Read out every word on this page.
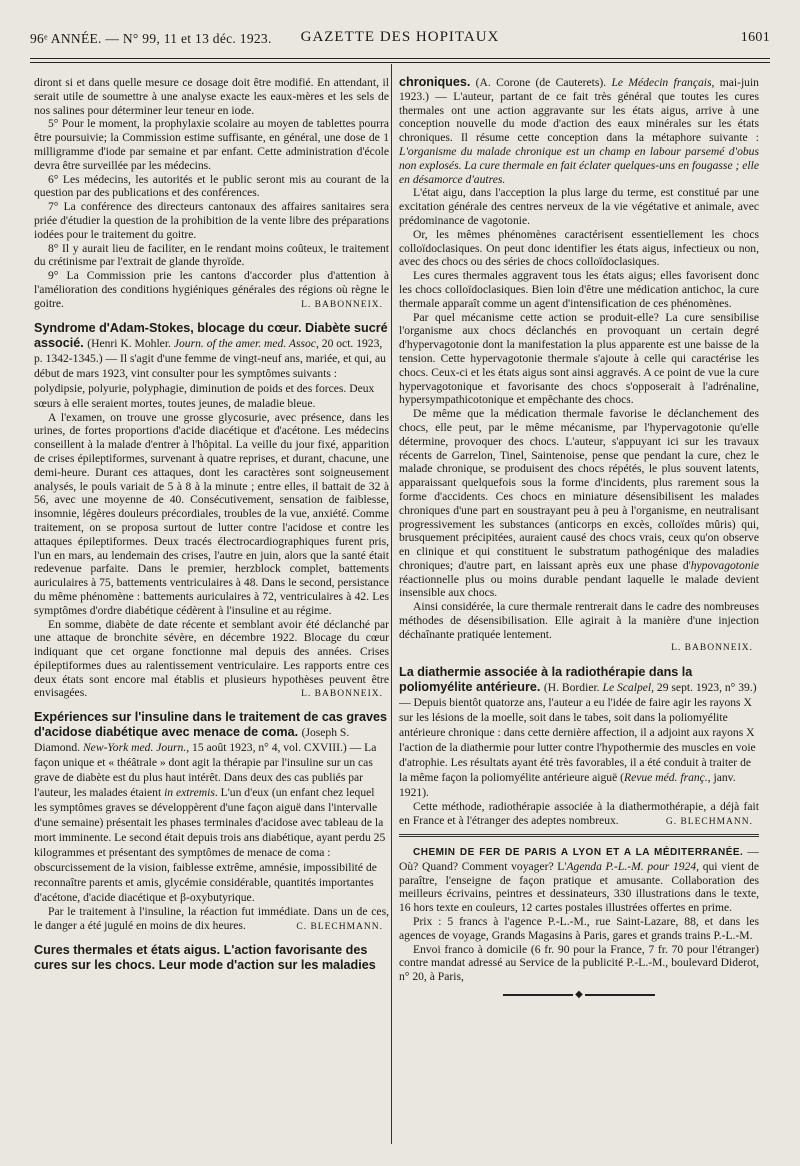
96ᵉ ANNÉE. — N° 99, 11 et 13 déc. 1923.	GAZETTE DES HOPITAUX	1601

diront si et dans quelle mesure ce dosage doit être modifié. En attendant, il serait utile de soumettre à une analyse exacte les eaux-mères et les sels de nos salines pour déterminer leur teneur en iode.

5° Pour le moment, la prophylaxie scolaire au moyen de tablettes pourra être poursuivie; la Commission estime suffisante, en général, une dose de 1 milligramme d'iode par semaine et par enfant. Cette administration d'école devra être surveillée par les médecins.

6° Les médecins, les autorités et le public seront mis au courant de la question par des publications et des conférences.

7° La conférence des directeurs cantonaux des affaires sanitaires sera priée d'étudier la question de la prohibition de la vente libre des préparations iodées pour le traitement du goitre.

8° Il y aurait lieu de faciliter, en le rendant moins coûteux, le traitement du crétinisme par l'extrait de glande thyroïde.

9° La Commission prie les cantons d'accorder plus d'attention à l'amélioration des conditions hygiéniques générales des régions où règne le goitre.	L. BABONNEIX.

Syndrome d'Adam-Stokes, blocage du cœur. Diabète sucré associé. (Henri K. Mohler. Journ. of the amer. med. Assoc, 20 oct. 1923, p. 1342-1345.) — Il s'agit d'une femme de vingt-neuf ans, mariée, et qui, au début de mars 1923, vint consulter pour les symptômes suivants : polydipsie, polyurie, polyphagie, diminution de poids et des forces. Deux sœurs à elle seraient mortes, toutes jeunes, de maladie bleue.

A l'examen, on trouve une grosse glycosurie, avec présence, dans les urines, de fortes proportions d'acide diacétique et d'acétone. Les médecins conseillent à la malade d'entrer à l'hôpital. La veille du jour fixé, apparition de crises épileptiformes, survenant à quatre reprises, et durant, chacune, une demi-heure. Durant ces attaques, dont les caractères sont soigneusement analysés, le pouls variait de 5 à 8 à la minute ; entre elles, il battait de 32 à 56, avec une moyenne de 40. Consécutivement, sensation de faiblesse, insomnie, légères douleurs précordiales, troubles de la vue, anxiété. Comme traitement, on se proposa surtout de lutter contre l'acidose et contre les attaques épileptiformes. Deux tracés électrocardiographiques furent pris, l'un en mars, au lendemain des crises, l'autre en juin, alors que la santé était redevenue parfaite. Dans le premier, herzblock complet, battements auriculaires à 75, battements ventriculaires à 48. Dans le second, persistance du même phénomène : battements auriculaires à 72, ventriculaires à 42. Les symptômes d'ordre diabétique cédèrent à l'insuline et au régime.

En somme, diabète de date récente et semblant avoir été déclanché par une attaque de bronchite sévère, en décembre 1922. Blocage du cœur indiquant que cet organe fonctionne mal depuis des années. Crises épileptiformes dues au ralentissement ventriculaire. Les rapports entre ces deux états sont encore mal établis et plusieurs hypothèses peuvent être envisagées.	L. BABONNEIX.

Expériences sur l'insuline dans le traitement de cas graves d'acidose diabétique avec menace de coma. (Joseph S. Diamond. New-York med. Journ., 15 août 1923, n° 4, vol. CXVIII.) — La façon unique et « théâtrale » dont agit la thérapie par l'insuline sur un cas grave de diabète est du plus haut intérêt. Dans deux des cas publiés par l'auteur, les malades étaient in extremis. L'un d'eux (un enfant chez lequel les symptômes graves se développèrent d'une façon aiguë dans l'intervalle d'une semaine) présentait les phases terminales d'acidose avec tableau de la mort imminente. Le second était depuis trois ans diabétique, ayant perdu 25 kilogrammes et présentant des symptômes de menace de coma : obscurcissement de la vision, faiblesse extrême, amnésie, impossibilité de reconnaître parents et amis, glycémie considérable, quantités importantes d'acétone, d'acide diacétique et β-oxybutyrique.

Par le traitement à l'insuline, la réaction fut immédiate. Dans un de ces, le danger a été jugulé en moins de dix heures.	C. BLECHMANN.

Cures thermales et états aigus. L'action favorisante des cures sur les chocs. Leur mode d'action sur les maladies

chroniques. (A. Corone (de Cauterets). Le Médecin français, mai-juin 1923.) — L'auteur, partant de ce fait très général que toutes les cures thermales ont une action aggravante sur les états aigus, arrive à une conception nouvelle du mode d'action des eaux minérales sur les états chroniques. Il résume cette conception dans la métaphore suivante : L'organisme du malade chronique est un champ en labour parsemé d'obus non explosés. La cure thermale en fait éclater quelques-uns en fougasse ; elle en désamorce d'autres.

L'état aigu, dans l'acception la plus large du terme, est constitué par une excitation générale des centres nerveux de la vie végétative et animale, avec prédominance de vagotonie.

Or, les mêmes phénomènes caractérisent essentiellement les chocs colloïdoclasiques. On peut donc identifier les états aigus, infectieux ou non, avec des chocs ou des séries de chocs colloïdoclasiques.

Les cures thermales aggravent tous les états aigus; elles favorisent donc les chocs colloïdoclasiques. Bien loin d'être une médication antichoc, la cure thermale apparaît comme un agent d'intensification de ces phénomènes.

Par quel mécanisme cette action se produit-elle? La cure sensibilise l'organisme aux chocs déclanchés en provoquant un certain degré d'hypervagotonie dont la manifestation la plus apparente est une baisse de la tension. Cette hypervagotonie thermale s'ajoute à celle qui caractérise les chocs. Ceux-ci et les états aigus sont ainsi aggravés. A ce point de vue la cure hypervagotonique et favorisante des chocs s'opposerait à l'adrénaline, hypersympathicotonique et empêchante des chocs.

De même que la médication thermale favorise le déclanchement des chocs, elle peut, par le même mécanisme, par l'hypervagotonie qu'elle détermine, provoquer des chocs. L'auteur, s'appuyant ici sur les travaux récents de Garrelon, Tinel, Saintenoise, pense que pendant la cure, chez le malade chronique, se produisent des chocs répétés, le plus souvent latents, apparaissant quelquefois sous la forme d'incidents, plus rarement sous la forme d'accidents. Ces chocs en miniature désensibilisent les malades chroniques d'une part en soustrayant peu à peu à l'organisme, en neutralisant progressivement les substances (anticorps en excès, colloïdes mûris) qui, brusquement précipitées, auraient causé des chocs vrais, ceux qu'on observe en clinique et qui constituent le substratum pathogénique des maladies chroniques; d'autre part, en laissant après eux une phase d'hypovagotonie réactionnelle plus ou moins durable pendant laquelle le malade devient insensible aux chocs.

Ainsi considérée, la cure thermale rentrerait dans le cadre des nombreuses méthodes de désensibilisation. Elle agirait à la manière d'une injection déchaînante pratiquée lentement.

L. BABONNEIX.
La diathermie associée à la radiothérapie dans la poliomyélite antérieure. (H. Bordier. Le Scalpel, 29 sept. 1923, n° 39.) — Depuis bientôt quatorze ans, l'auteur a eu l'idée de faire agir les rayons X sur les lésions de la moelle, soit dans le tabes, soit dans la poliomyélite antérieure chronique : dans cette dernière affection, il a adjoint aux rayons X l'action de la diathermie pour lutter contre l'hypothermie des muscles en voie d'atrophie. Les résultats ayant été très favorables, il a été conduit à traiter de la même façon la poliomyélite antérieure aiguë (Revue méd. franç., janv. 1921).

Cette méthode, radiothérapie associée à la diathermothérapie, a déjà fait en France et à l'étranger des adeptes nombreux.	G. BLECHMANN.

CHEMIN DE FER DE PARIS A LYON ET A LA MÉDITERRANÉE. — Où? Quand? Comment voyager? L'Agenda P.-L.-M. pour 1924, qui vient de paraître, l'enseigne de façon pratique et amusante. Collaboration des meilleurs écrivains, peintres et dessinateurs, 330 illustrations dans le texte, 16 hors texte en couleurs, 12 cartes postales illustrées offertes en prime.

Prix : 5 francs à l'agence P.-L.-M., rue Saint-Lazare, 88, et dans les agences de voyage, Grands Magasins à Paris, gares et grands trains P.-L.-M.

Envoi franco à domicile (6 fr. 90 pour la France, 7 fr. 70 pour l'étranger) contre mandat adressé au Service de la publicité P.-L.-M., boulevard Diderot, n° 20, à Paris,

◆
